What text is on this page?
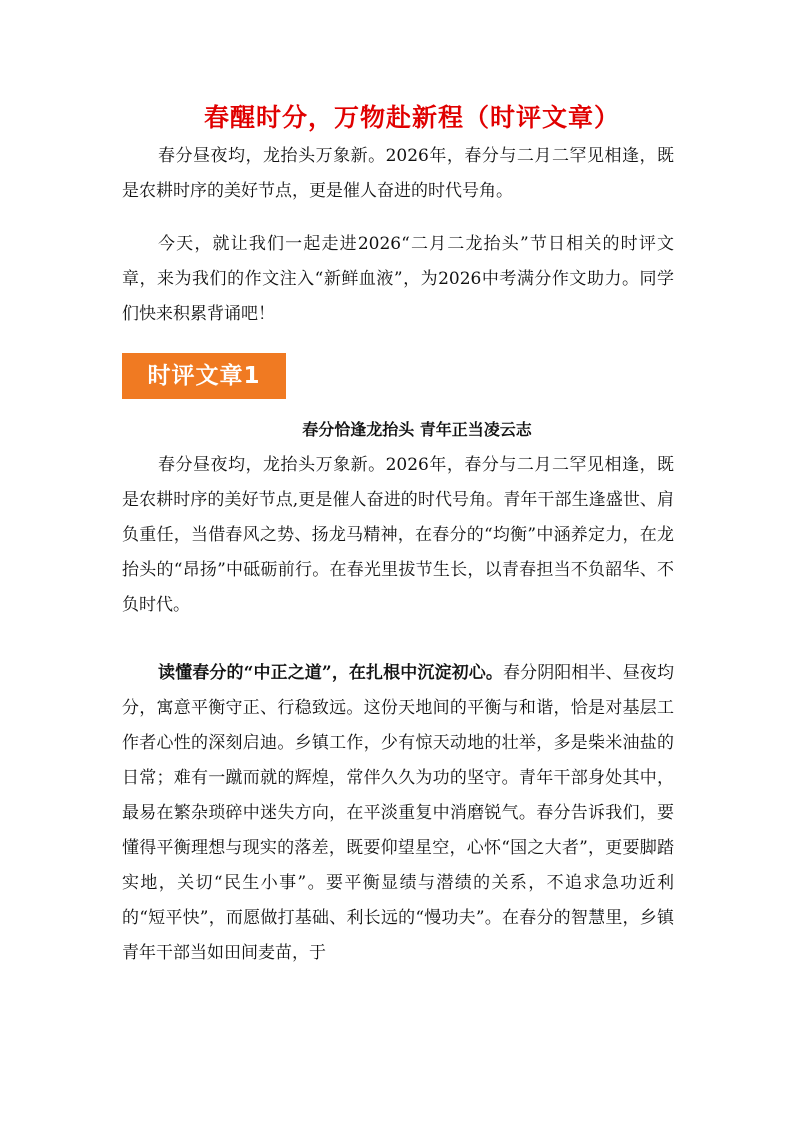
春醒时分，万物赴新程（时评文章）

春分昼夜均，龙抬头万象新。2026年，春分与二月二罕见相逢，既是农耕时序的美好节点，更是催人奋进的时代号角。

今天，就让我们一起走进2026“二月二龙抬头”节日相关的时评文章，来为我们的作文注入“新鲜血液”，为2026中考满分作文助力。同学们快来积累背诵吧！

时评文章1
春分恰逢龙抬头 青年正当凌云志

春分昼夜均，龙抬头万象新。2026年，春分与二月二罕见相逢，既是农耕时序的美好节点,更是催人奋进的时代号角。青年干部生逢盛世、肩负重任，当借春风之势、扬龙马精神，在春分的“均衡”中涵养定力，在龙抬头的“昂扬”中砥砺前行。在春光里拔节生长，以青春担当不负韶华、不负时代。

读懂春分的“中正之道”，在扎根中沉淀初心。春分阴阳相半、昼夜均分，寓意平衡守正、行稳致远。这份天地间的平衡与和谐，恰是对基层工作者心性的深刻启迪。乡镇工作，少有惊天动地的壮举，多是柴米油盐的日常；难有一蹴而就的辉煌，常伴久久为功的坚守。青年干部身处其中，最易在繁杂琐碎中迷失方向，在平淡重复中消磨锐气。春分告诉我们，要懂得平衡理想与现实的落差，既要仰望星空，心怀“国之大者”，更要脚踏实地，关切“民生小事”。要平衡显绩与潜绩的关系，不追求急功近利的“短平快”，而愿做打基础、利长远的“慢功夫”。在春分的智慧里，乡镇青年干部当如田间麦苗，于
